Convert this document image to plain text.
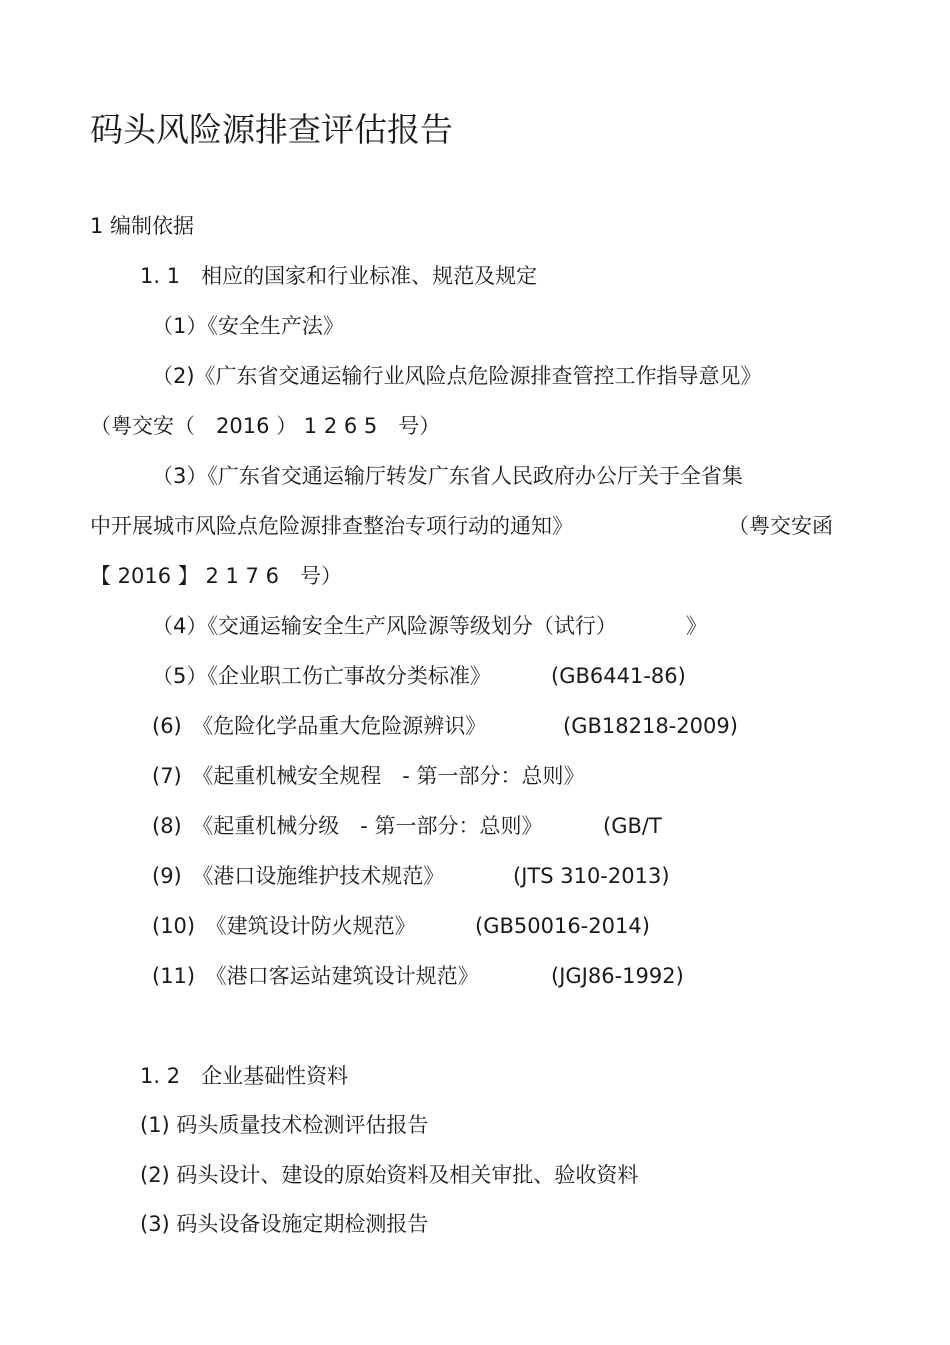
码头风险源排查评估报告
1 编制依据
1. 1　相应的国家和行业标准、规范及规定
（1）《安全生产法》
（2)《广东省交通运输行业风险点危险源排查管控工作指导意见》
（粤交安（　2016 ） 1 2 6 5　号）
（3）《广东省交通运输厅转发广东省人民政府办公厅关于全省集
中开展城市风险点危险源排查整治专项行动的通知》	（粤交安函
【 2016 】 2 1 7 6　号）
（4）《交通运输安全生产风险源等级划分（试行）	》
（5）《企业职工伤亡事故分类标准》	(GB6441-86)
(6)　《危险化学品重大危险源辨识》	(GB18218-2009)
(7)　《起重机械安全规程　- 第一部分：总则》
(8)　《起重机械分级　- 第一部分：总则》	(GB/T
(9)　《港口设施维护技术规范》	(JTS 310-2013)
(10)　《建筑设计防火规范》	(GB50016-2014)
(11)　《港口客运站建筑设计规范》	(JGJ86-1992)
1. 2　企业基础性资料
(1) 码头质量技术检测评估报告
(2) 码头设计、建设的原始资料及相关审批、验收资料
(3) 码头设备设施定期检测报告
